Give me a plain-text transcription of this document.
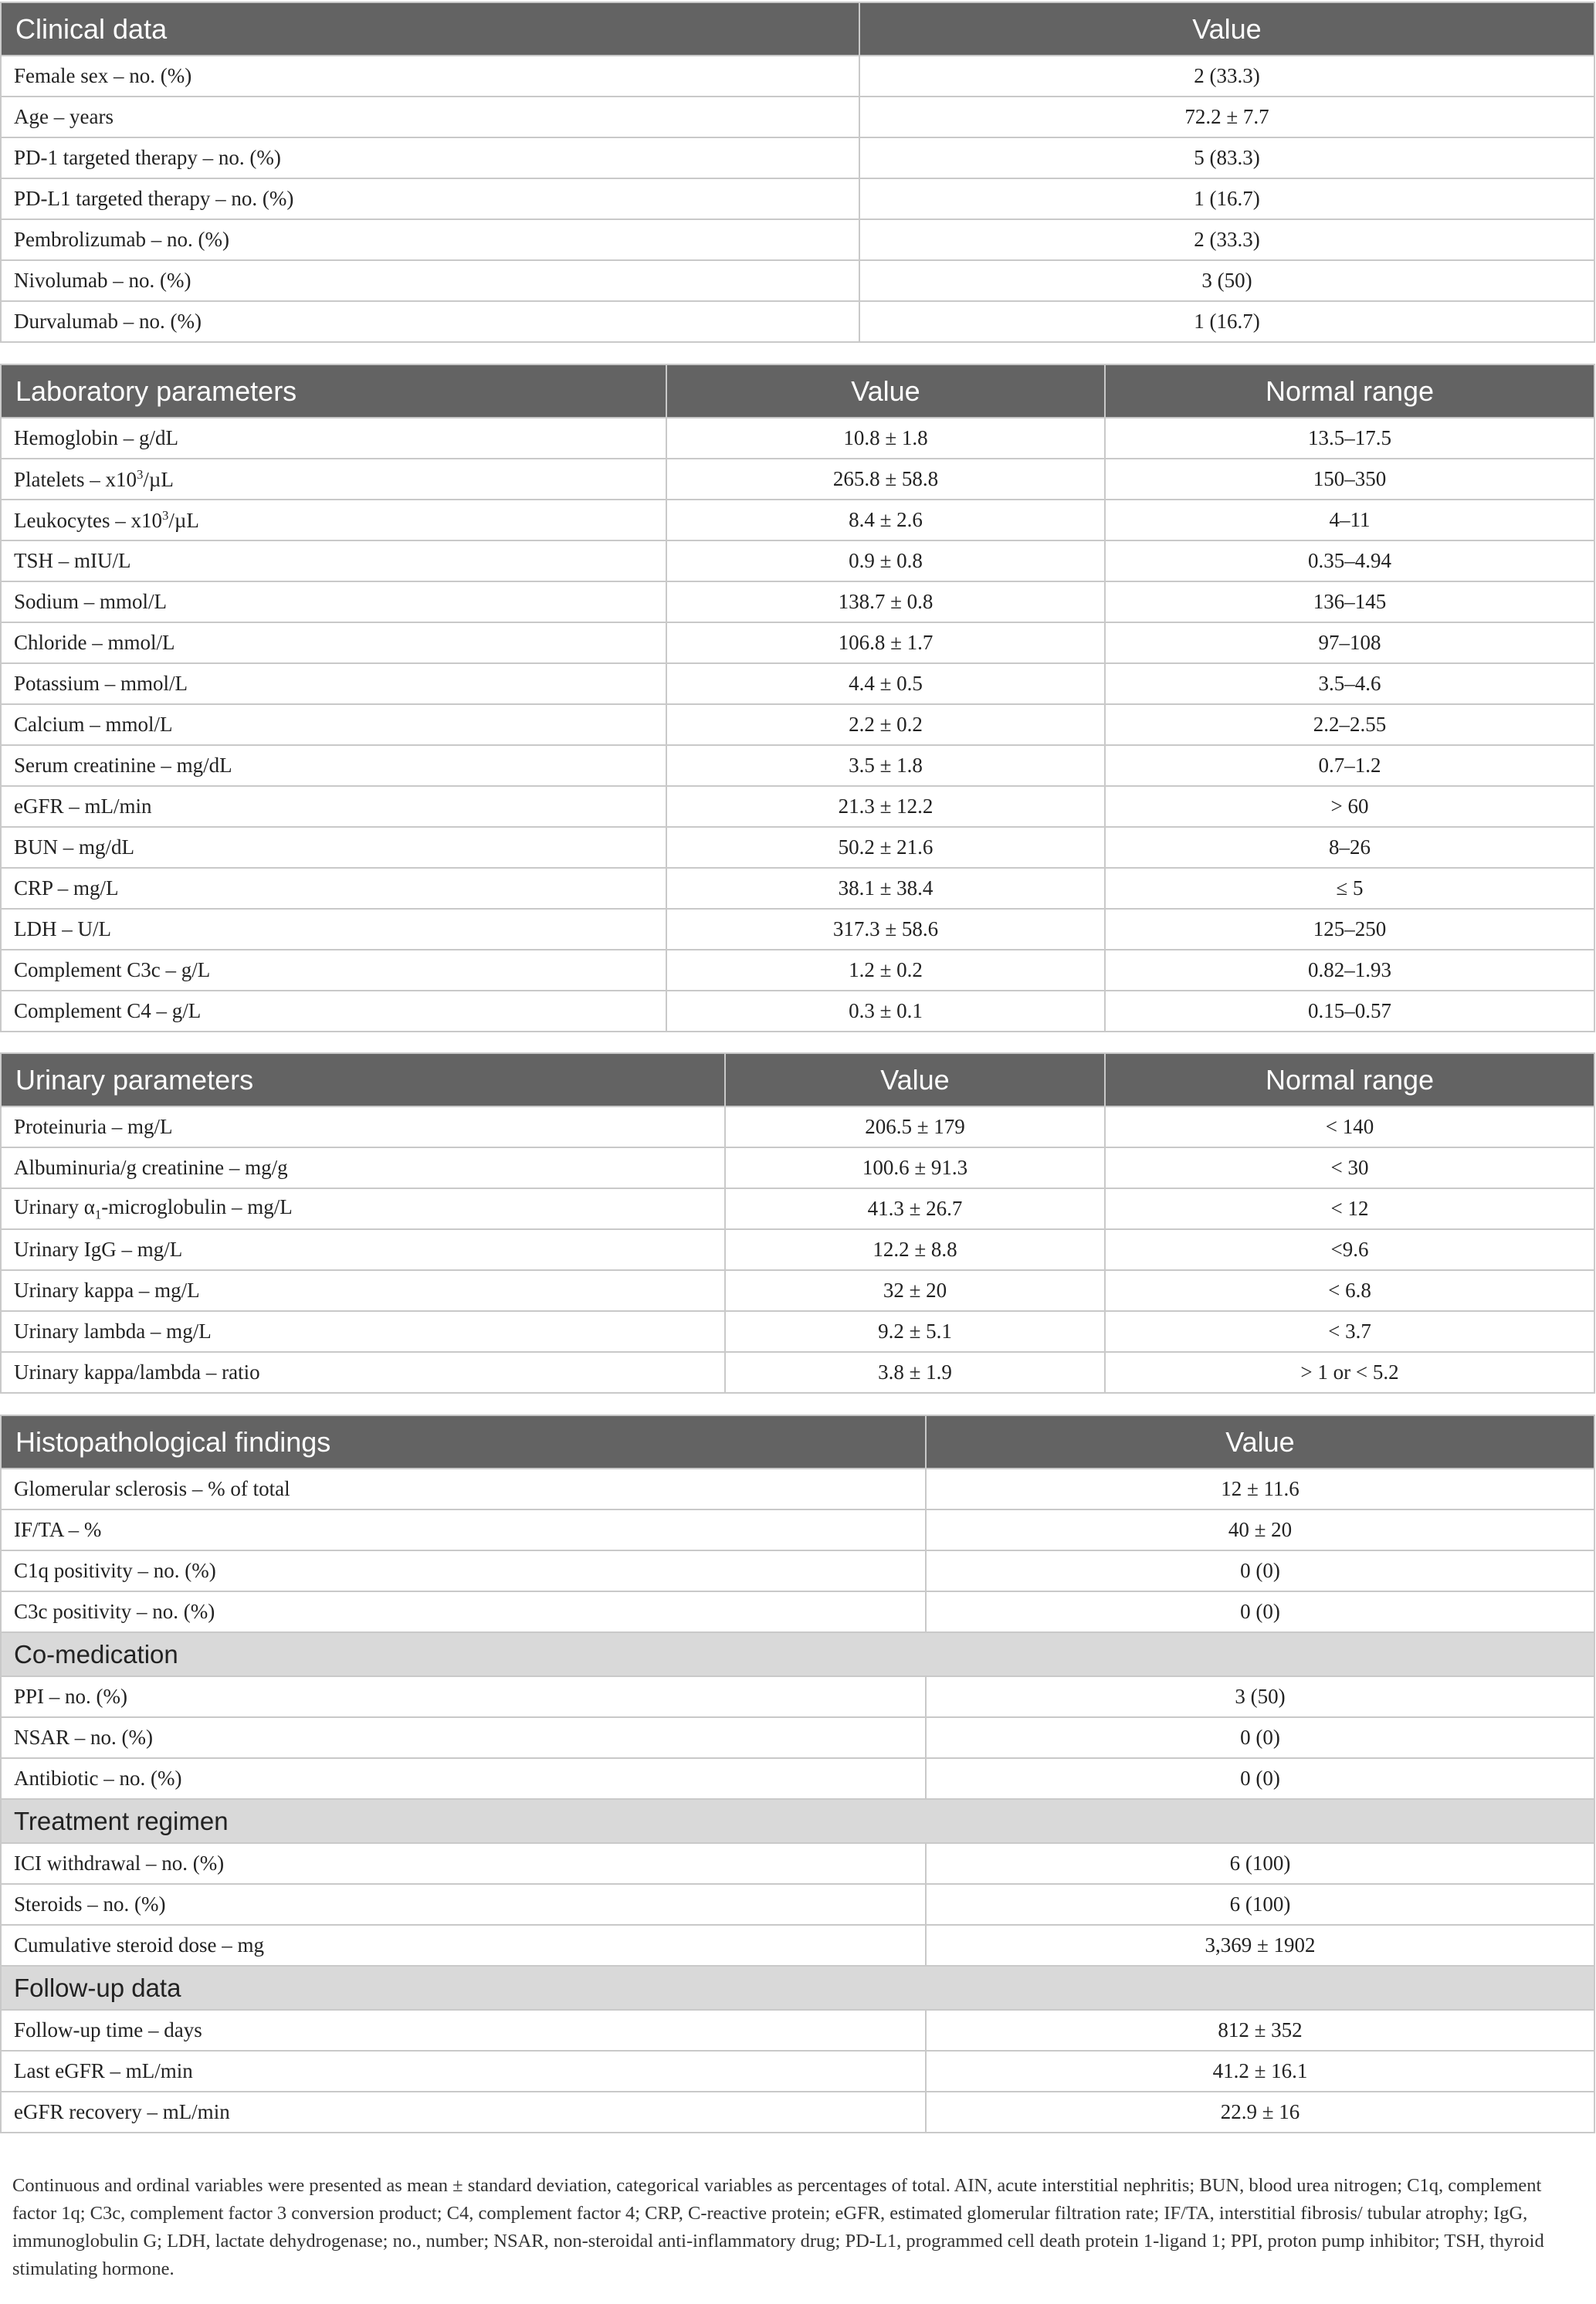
Clinical data	Value
Female sex – no. (%)	2 (33.3)
Age – years	72.2 ± 7.7
PD-1 targeted therapy – no. (%)	5 (83.3)
PD-L1 targeted therapy – no. (%)	1 (16.7)
Pembrolizumab – no. (%)	2 (33.3)
Nivolumab – no. (%)	3 (50)
Durvalumab – no. (%)	1 (16.7)
Laboratory parameters	Value	Normal range
Hemoglobin – g/dL	10.8 ± 1.8	13.5–17.5
Platelets – $x10^3/\mu L$	265.8 ± 58.8	150–350
Leukocytes – $x10^3/\mu L$	8.4 ± 2.6	4–11
TSH – mIU/L	0.9 ± 0.8	0.35–4.94
Sodium – mmol/L	138.7 ± 0.8	136–145
Chloride – mmol/L	106.8 ± 1.7	97–108
Potassium – mmol/L	4.4 ± 0.5	3.5–4.6
Calcium – mmol/L	2.2 ± 0.2	2.2–2.55
Serum creatinine – mg/dL	3.5 ± 1.8	0.7–1.2
eGFR – mL/min	21.3 ± 12.2	> 60
BUN – mg/dL	50.2 ± 21.6	8–26
CRP – mg/L	38.1 ± 38.4	≤ 5
LDH – U/L	317.3 ± 58.6	125–250
Complement C3c – g/L	1.2 ± 0.2	0.82–1.93
Complement C4 – g/L	0.3 ± 0.1	0.15–0.57
Urinary parameters	Value	Normal range
Proteinuria – mg/L	206.5 ± 179	< 140
Albuminuria/g creatinine – mg/g	100.6 ± 91.3	< 30
Urinary $\alpha_1$-microglobulin – mg/L	41.3 ± 26.7	< 12
Urinary IgG – mg/L	12.2 ± 8.8	<9.6
Urinary kappa – mg/L	32 ± 20	< 6.8
Urinary lambda – mg/L	9.2 ± 5.1	< 3.7
Urinary kappa/lambda – ratio	3.8 ± 1.9	> 1 or < 5.2
Histopathological findings	Value
Glomerular sclerosis – % of total	12 ± 11.6
IF/TA – %	40 ± 20
C1q positivity – no. (%)	0 (0)
C3c positivity – no. (%)	0 (0)
Co-medication	
PPI – no. (%)	3 (50)
NSAR – no. (%)	0 (0)
Antibiotic – no. (%)	0 (0)
Treatment regimen	
ICI withdrawal – no. (%)	6 (100)
Steroids – no. (%)	6 (100)
Cumulative steroid dose – mg	3,369 ± 1902
Follow-up data	
Follow-up time – days	812 ± 352
Last eGFR – mL/min	41.2 ± 16.1
eGFR recovery – mL/min	22.9 ± 16

Continuous and ordinal variables were presented as mean ± standard deviation, categorical variables as percentages of total. AIN, acute interstitial nephritis; BUN, blood urea nitrogen; C1q, complement factor 1q; C3c, complement factor 3 conversion product; C4, complement factor 4; CRP, C-reactive protein; eGFR, estimated glomerular filtration rate; IF/TA, interstitial fibrosis/ tubular atrophy; IgG, immunoglobulin G; LDH, lactate dehydrogenase; no., number; NSAR, non-steroidal anti-inflammatory drug; PD-L1, programmed cell death protein 1-ligand 1; PPI, proton pump inhibitor; TSH, thyroid stimulating hormone.
